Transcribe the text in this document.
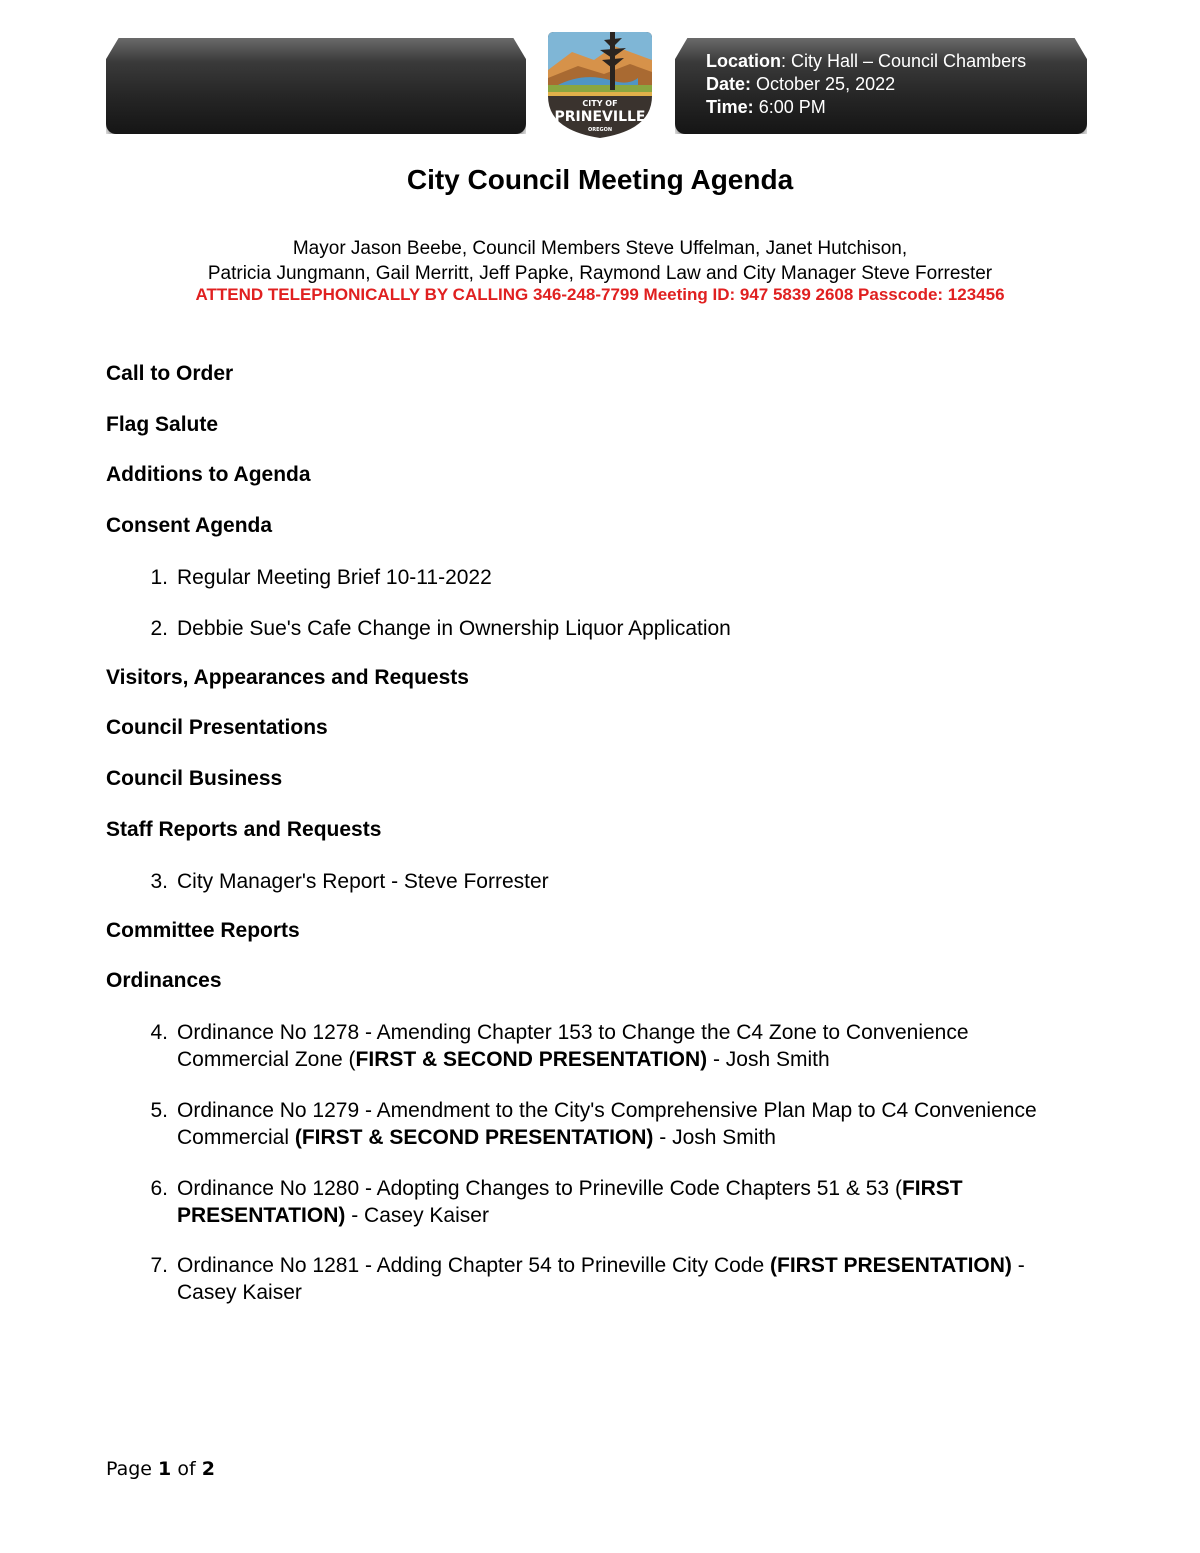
Location: City Hall – Council Chambers
Date: October 25, 2022
Time: 6:00 PM
CITY OF
PRINEVILLE
OREGON
City Council Meeting Agenda
Mayor Jason Beebe, Council Members Steve Uffelman, Janet Hutchison,
Patricia Jungmann, Gail Merritt, Jeff Papke, Raymond Law and City Manager Steve Forrester
ATTEND TELEPHONICALLY BY CALLING 346-248-7799 Meeting ID: 947 5839 2608 Passcode: 123456
Call to Order
Flag Salute
Additions to Agenda
Consent Agenda
1. Regular Meeting Brief 10-11-2022
2. Debbie Sue's Cafe Change in Ownership Liquor Application
Visitors, Appearances and Requests
Council Presentations
Council Business
Staff Reports and Requests
3. City Manager's Report - Steve Forrester
Committee Reports
Ordinances
4. Ordinance No 1278 - Amending Chapter 153 to Change the C4 Zone to Convenience Commercial Zone (FIRST & SECOND PRESENTATION) - Josh Smith
5. Ordinance No 1279 - Amendment to the City's Comprehensive Plan Map to C4 Convenience Commercial (FIRST & SECOND PRESENTATION) - Josh Smith
6. Ordinance No 1280 - Adopting Changes to Prineville Code Chapters 51 & 53 (FIRST PRESENTATION) - Casey Kaiser
7. Ordinance No 1281 - Adding Chapter 54 to Prineville City Code (FIRST PRESENTATION) - Casey Kaiser
Page 1 of 2
